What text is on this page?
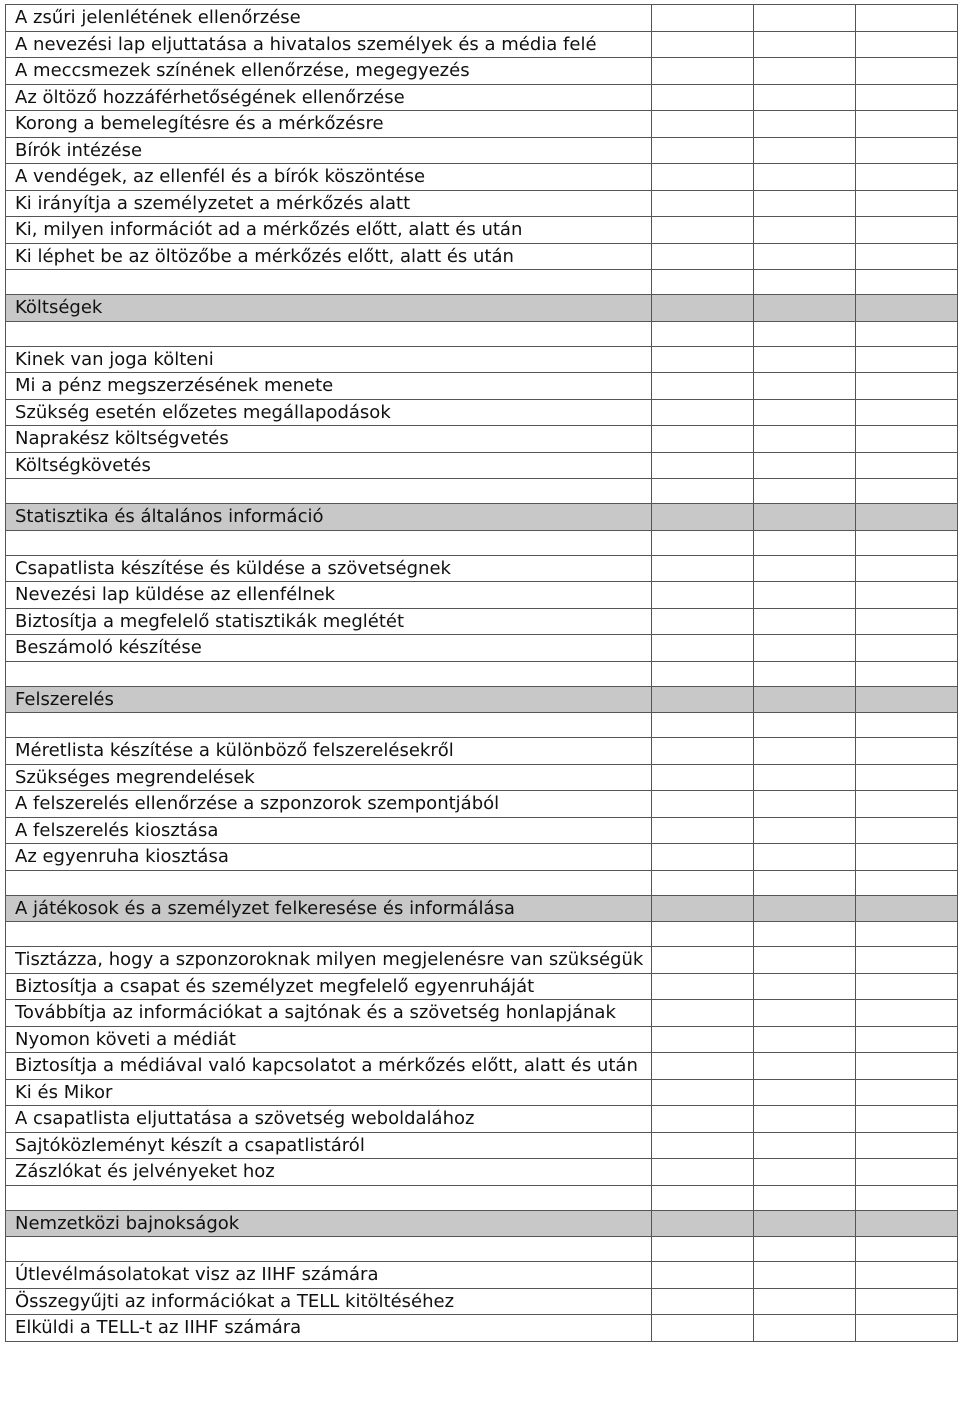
A zsűri jelenlétének ellenőrzése			
A nevezési lap eljuttatása a hivatalos személyek és a média felé			
A meccsmezek színének ellenőrzése, megegyezés			
Az öltöző hozzáférhetőségének ellenőrzése			
Korong a bemelegítésre és a mérkőzésre			
Bírók intézése			
A vendégek, az ellenfél és a bírók köszöntése			
Ki irányítja a személyzetet a mérkőzés alatt			
Ki, milyen információt ad a mérkőzés előtt, alatt és után			
Ki léphet be az öltözőbe a mérkőzés előtt, alatt és után			

Költségek			

Kinek van joga költeni			
Mi a pénz megszerzésének menete			
Szükség esetén előzetes megállapodások			
Naprakész költségvetés			
Költségkövetés			

Statisztika és általános információ			

Csapatlista készítése és küldése a szövetségnek			
Nevezési lap küldése az ellenfélnek			
Biztosítja a megfelelő statisztikák meglétét			
Beszámoló készítése			

Felszerelés			

Méretlista készítése a különböző felszerelésekről			
Szükséges megrendelések			
A felszerelés ellenőrzése a szponzorok szempontjából			
A felszerelés kiosztása			
Az egyenruha kiosztása			

A játékosok és a személyzet felkeresése és informálása			

Tisztázza, hogy a szponzoroknak milyen megjelenésre van szükségük			
Biztosítja a csapat és személyzet megfelelő egyenruháját			
Továbbítja az információkat a sajtónak és a szövetség honlapjának			
Nyomon követi a médiát			
Biztosítja a médiával való kapcsolatot a mérkőzés előtt, alatt és után			
Ki és Mikor			
A csapatlista eljuttatása a szövetség weboldalához			
Sajtóközleményt készít a csapatlistáról			
Zászlókat és jelvényeket hoz			

Nemzetközi bajnokságok			

Útlevélmásolatokat visz az IIHF számára			
Összegyűjti az információkat a TELL kitöltéséhez			
Elküldi a TELL-t az IIHF számára			
